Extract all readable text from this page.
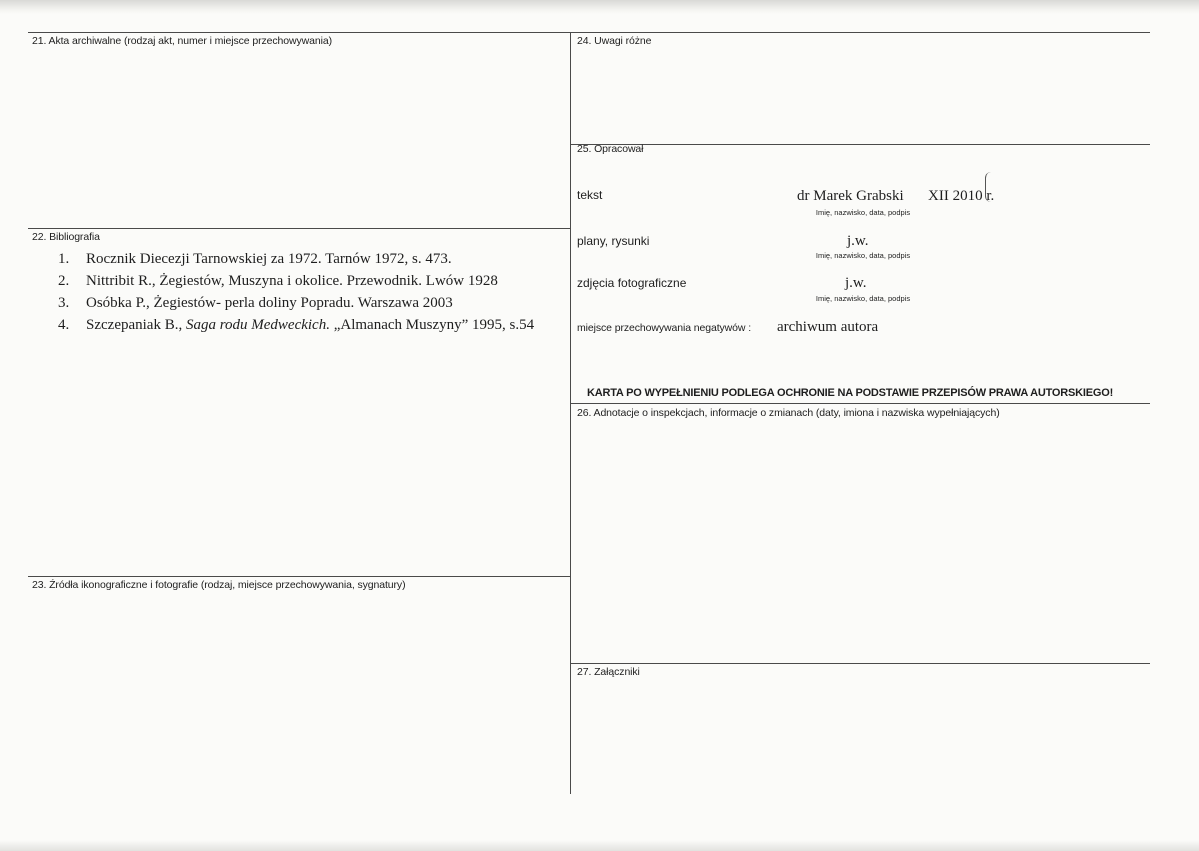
21. Akta archiwalne (rodzaj akt, numer i miejsce przechowywania)
22. Bibliografia
1.	Rocznik Diecezji Tarnowskiej za 1972. Tarnów 1972, s. 473.
2.	Nittribit R., Żegiestów, Muszyna i okolice. Przewodnik. Lwów 1928
3.	Osóbka P., Żegiestów- perla doliny Popradu. Warszawa 2003
4.	Szczepaniak B., Saga rodu Medweckich. „Almanach Muszyny” 1995, s.54
23. Źródła ikonograficzne i fotografie (rodzaj, miejsce przechowywania, sygnatury)
24. Uwagi różne
25. Opracował
tekst	dr Marek Grabski XII 2010 r.
Imię, nazwisko, data, podpis
plany, rysunki	j.w.
Imię, nazwisko, data, podpis
zdjęcia fotograficzne	j.w.
Imię, nazwisko, data, podpis
miejsce przechowywania negatywów : archiwum autora
KARTA PO WYPEŁNIENIU PODLEGA OCHRONIE NA PODSTAWIE PRZEPISÓW PRAWA AUTORSKIEGO!
26. Adnotacje o inspekcjach, informacje o zmianach (daty, imiona i nazwiska wypełniających)
27. Załączniki
